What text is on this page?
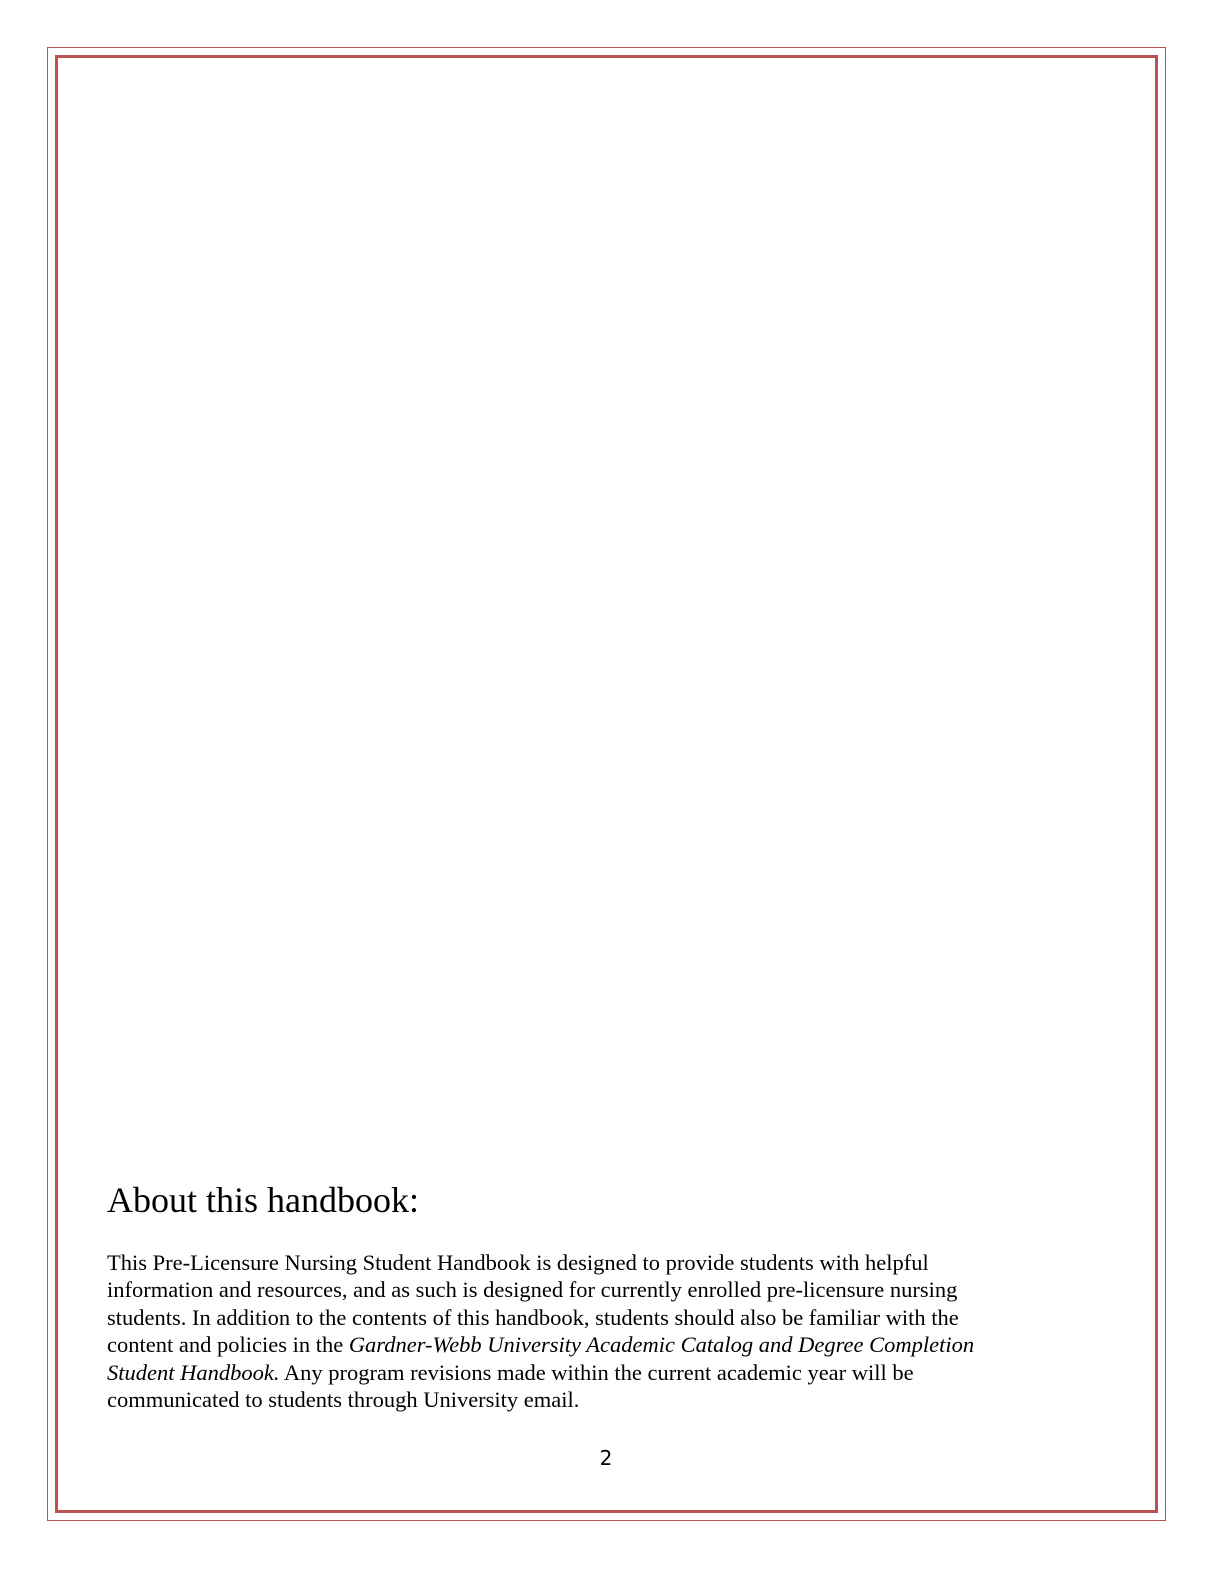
About this handbook:
This Pre-Licensure Nursing Student Handbook is designed to provide students with helpful
information and resources, and as such is designed for currently enrolled pre-licensure nursing
students. In addition to the contents of this handbook, students should also be familiar with the
content and policies in the Gardner-Webb University Academic Catalog and Degree Completion
Student Handbook. Any program revisions made within the current academic year will be
communicated to students through University email.
2
